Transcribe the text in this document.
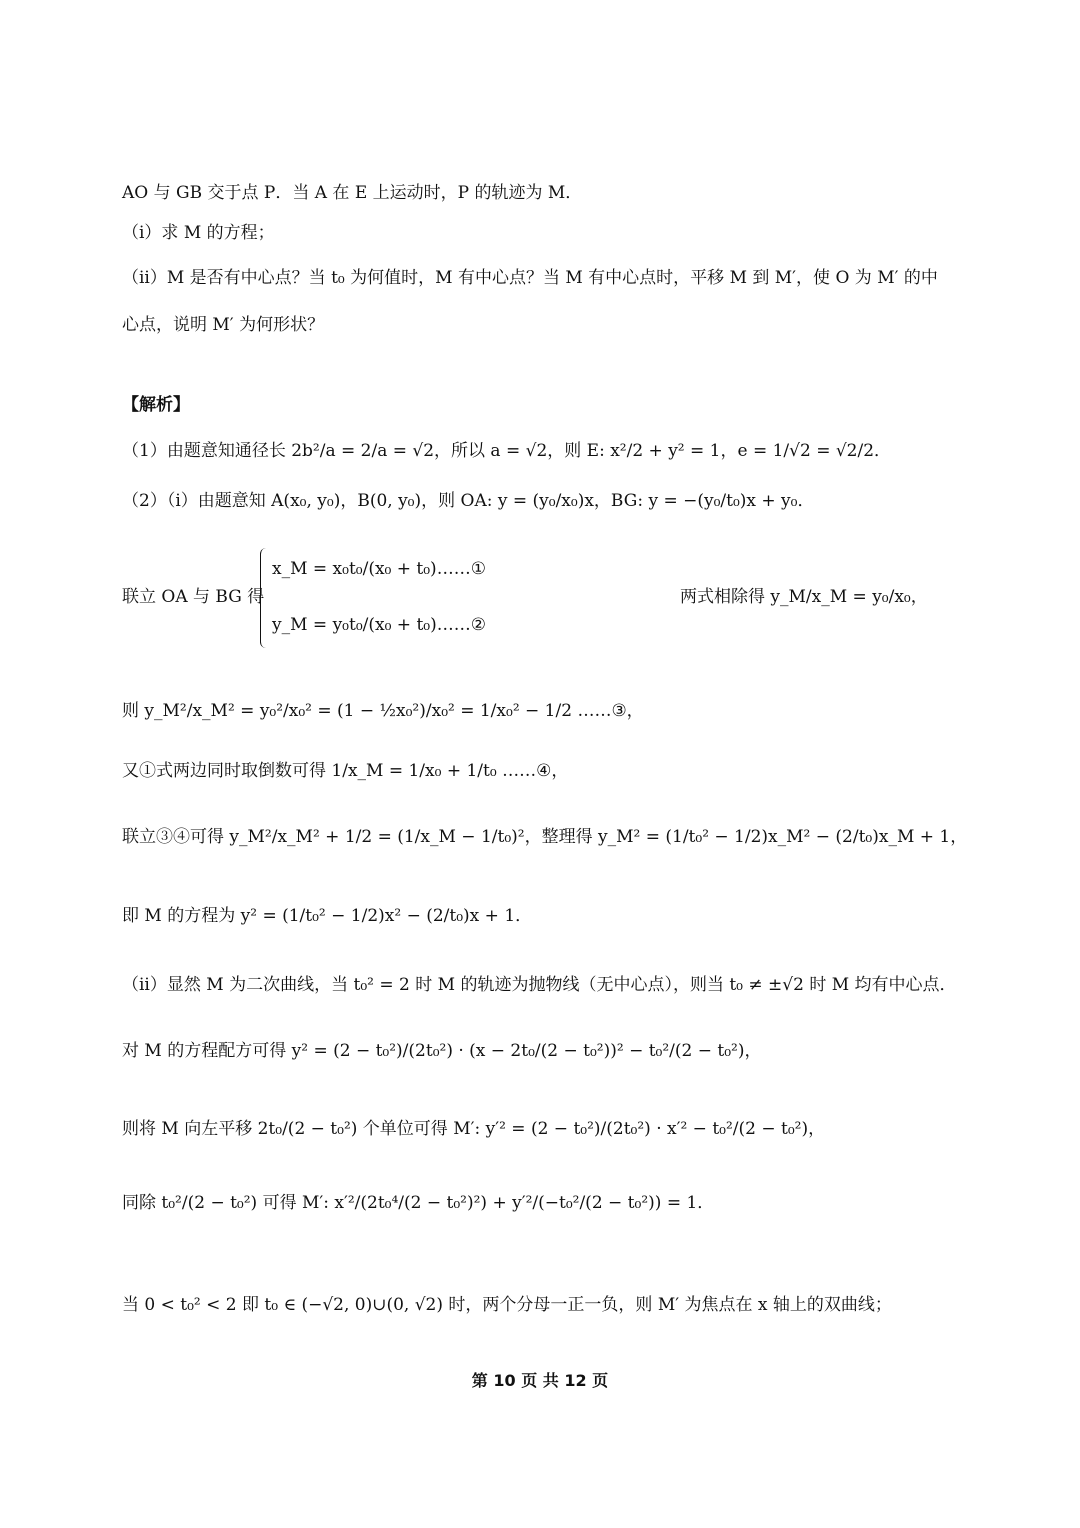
AO 与 GB 交于点 P．当 A 在 E 上运动时，P 的轨迹为 M．
（i）求 M 的方程；
（ii）M 是否有中心点？当 t₀ 为何值时，M 有中心点？当 M 有中心点时，平移 M 到 M′，使 O 为 M′ 的中
心点，说明 M′ 为何形状？
【解析】
（1）由题意知通径长 2b²/a = 2/a = √2，所以 a = √2，则 E: x²/2 + y² = 1，e = 1/√2 = √2/2．
（2）（i）由题意知 A(x₀, y₀)，B(0, y₀)，则 OA: y = (y₀/x₀)x，BG: y = −(y₀/t₀)x + y₀．
联立 OA 与 BG 得
x_M = x₀t₀/(x₀ + t₀)……①
y_M = y₀t₀/(x₀ + t₀)……②
两式相除得 y_M/x_M = y₀/x₀，
则 y_M²/x_M² = y₀²/x₀² = (1 − ½x₀²)/x₀² = 1/x₀² − 1/2 ……③，
又①式两边同时取倒数可得 1/x_M = 1/x₀ + 1/t₀ ……④，
联立③④可得 y_M²/x_M² + 1/2 = (1/x_M − 1/t₀)²，整理得 y_M² = (1/t₀² − 1/2)x_M² − (2/t₀)x_M + 1，
即 M 的方程为 y² = (1/t₀² − 1/2)x² − (2/t₀)x + 1．
（ii）显然 M 为二次曲线，当 t₀² = 2 时 M 的轨迹为抛物线（无中心点），则当 t₀ ≠ ±√2 时 M 均有中心点．
对 M 的方程配方可得 y² = (2 − t₀²)/(2t₀²) · (x − 2t₀/(2 − t₀²))² − t₀²/(2 − t₀²)，
则将 M 向左平移 2t₀/(2 − t₀²) 个单位可得 M′: y′² = (2 − t₀²)/(2t₀²) · x′² − t₀²/(2 − t₀²)，
同除 t₀²/(2 − t₀²) 可得 M′: x′²/(2t₀⁴/(2 − t₀²)²) + y′²/(−t₀²/(2 − t₀²)) = 1．
当 0 < t₀² < 2 即 t₀ ∈ (−√2, 0)∪(0, √2) 时，两个分母一正一负，则 M′ 为焦点在 x 轴上的双曲线；
第 10 页 共 12 页
